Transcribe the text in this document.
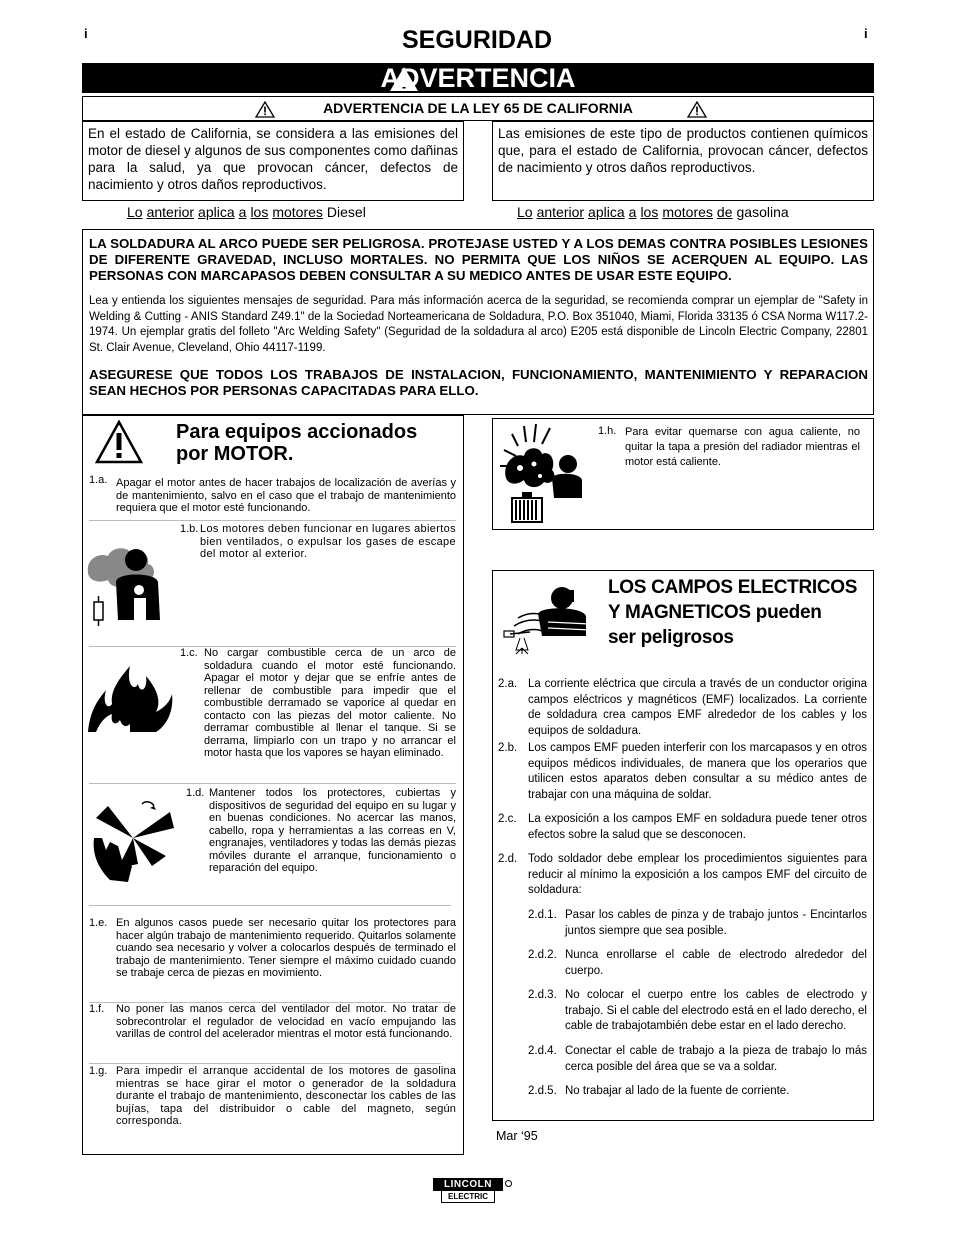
i	i
SEGURIDAD
ADVERTENCIA
ADVERTENCIA DE LA LEY 65 DE CALIFORNIA
En el estado de California, se considera a las emisiones del motor de diesel y algunos de sus componentes como dañinas para la salud, ya que provocan cáncer, defectos de nacimiento y otros daños reproductivos.
Las emisiones de este tipo de productos contienen químicos que, para el estado de California, provocan cáncer, defectos de nacimiento y otros daños reproductivos.
Lo anterior aplica a los motores Diesel	Lo anterior aplica a los motores de gasolina
LA SOLDADURA AL ARCO PUEDE SER PELIGROSA. PROTEJASE USTED Y A LOS DEMAS CONTRA POSIBLES LESIONES DE DIFERENTE GRAVEDAD, INCLUSO MORTALES. NO PERMITA QUE LOS NIÑOS SE ACERQUEN AL EQUIPO. LAS PERSONAS CON MARCAPASOS DEBEN CONSULTAR A SU MEDICO ANTES DE USAR ESTE EQUIPO.
Lea y entienda los siguientes mensajes de seguridad. Para más información acerca de la seguridad, se recomienda comprar un ejemplar de "Safety in Welding & Cutting - ANIS Standard Z49.1" de la Sociedad Norteamericana de Soldadura, P.O. Box 351040, Miami, Florida 33135 ó CSA Norma W117.2-1974. Un ejemplar gratis del folleto "Arc Welding Safety" (Seguridad de la soldadura al arco) E205 está disponible de Lincoln Electric Company, 22801 St. Clair Avenue, Cleveland, Ohio 44117-1199.
ASEGURESE QUE TODOS LOS TRABAJOS DE INSTALACION, FUNCIONAMIENTO, MANTENIMIENTO Y REPARACION SEAN HECHOS POR PERSONAS CAPACITADAS PARA ELLO.
Para equipos accionados
por MOTOR.
1.a. Apagar el motor antes de hacer trabajos de localización de averías y de mantenimiento, salvo en el caso que el trabajo de mantenimiento requiera que el motor esté funcionando.
1.b. Los motores deben funcionar en lugares abiertos bien ventilados, o expulsar los gases de escape del motor al exterior.
1.c. No cargar combustible cerca de un arco de soldadura cuando el motor esté funcionando. Apagar el motor y dejar que se enfríe antes de rellenar de combustible para impedir que el combustible derramado se vaporice al quedar en contacto con las piezas del motor caliente. No derramar combustible al llenar el tanque. Si se derrama, limpiarlo con un trapo y no arrancar el motor hasta que los vapores se hayan eliminado.
1.d. Mantener todos los protectores, cubiertas y dispositivos de seguridad del equipo en su lugar y en buenas condiciones. No acercar las manos, cabello, ropa y herramientas a las correas en V, engranajes, ventiladores y todas las demás piezas móviles durante el arranque, funcionamiento o reparación del equipo.
1.e. En algunos casos puede ser necesario quitar los protectores para hacer algún trabajo de mantenimiento requerido. Quitarlos solamente cuando sea necesario y volver a colocarlos después de terminado el trabajo de mantenimiento. Tener siempre el máximo cuidado cuando se trabaje cerca de piezas en movimiento.
1.f. No poner las manos cerca del ventilador del motor. No tratar de sobrecontrolar el regulador de velocidad en vacío empujando las varillas de control del acelerador mientras el motor está funcionando.
1.g. Para impedir el arranque accidental de los motores de gasolina mientras se hace girar el motor o generador de la soldadura durante el trabajo de mantenimiento, desconectar los cables de las bujías, tapa del distribuidor o cable del magneto, según corresponda.
1.h. Para evitar quemarse con agua caliente, no quitar la tapa a presión del radiador mientras el motor está caliente.
LOS CAMPOS ELECTRICOS
Y MAGNETICOS pueden
ser peligrosos
2.a. La corriente eléctrica que circula a través de un conductor origina campos eléctricos y magnéticos (EMF) localizados. La corriente de soldadura crea campos EMF alrededor de los cables y los equipos de soldadura.
2.b. Los campos EMF pueden interferir con los marcapasos y en otros equipos médicos individuales, de manera que los operarios que utilicen estos aparatos deben consultar a su médico antes de trabajar con una máquina de soldar.
2.c. La exposición a los campos EMF en soldadura puede tener otros efectos sobre la salud que se desconocen.
2.d. Todo soldador debe emplear los procedimientos siguientes para reducir al mínimo la exposición a los campos EMF del circuito de soldadura:
2.d.1. Pasar los cables de pinza y de trabajo juntos - Encintarlos juntos siempre que sea posible.
2.d.2. Nunca enrollarse el cable de electrodo alrededor del cuerpo.
2.d.3. No colocar el cuerpo entre los cables de electrodo y trabajo. Si el cable del electrodo está en el lado derecho, el cable de trabajotambién debe estar en el lado derecho.
2.d.4. Conectar el cable de trabajo a la pieza de trabajo lo más cerca posible del área que se va a soldar.
2.d.5. No trabajar al lado de la fuente de corriente.
Mar ‘95
LINCOLN
ELECTRIC
